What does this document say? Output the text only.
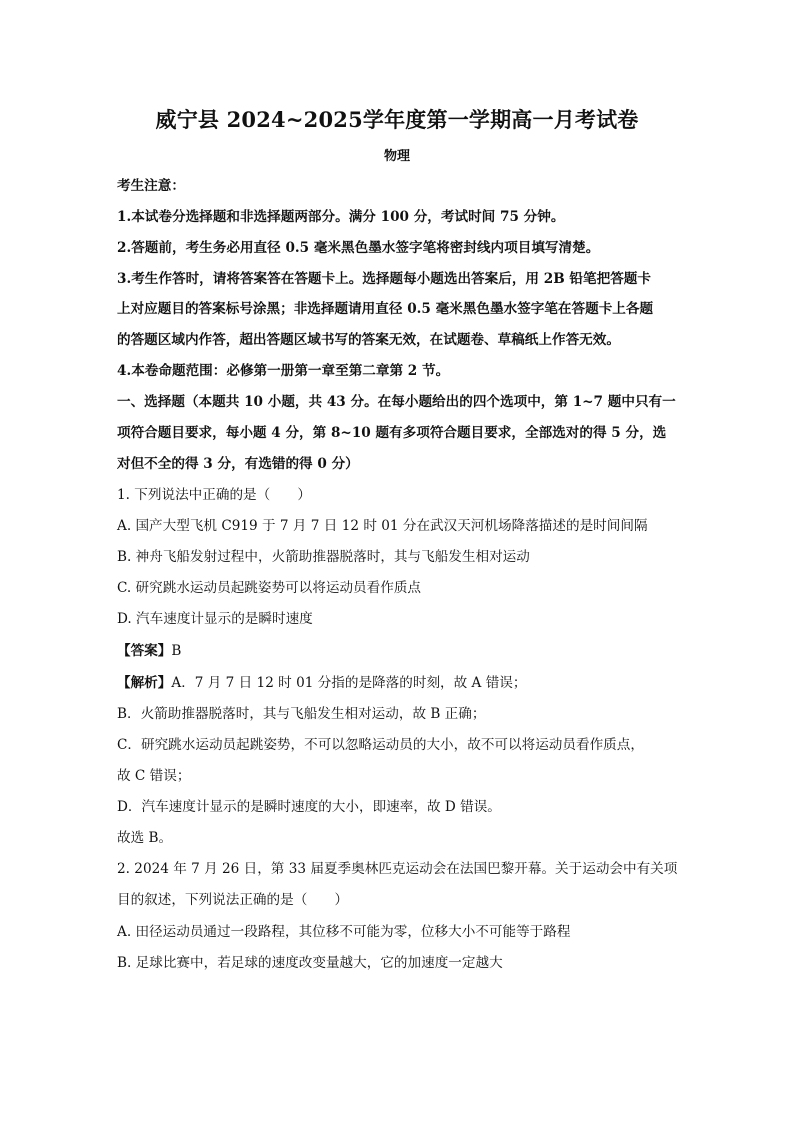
威宁县 2024~2025学年度第一学期高一月考试卷
物理
考生注意：
1.本试卷分选择题和非选择题两部分。满分 100 分，考试时间 75 分钟。
2.答题前，考生务必用直径 0.5 毫米黑色墨水签字笔将密封线内项目填写清楚。
3.考生作答时，请将答案答在答题卡上。选择题每小题选出答案后，用 2B 铅笔把答题卡
上对应题目的答案标号涂黑；非选择题请用直径 0.5 毫米黑色墨水签字笔在答题卡上各题
的答题区域内作答，超出答题区域书写的答案无效，在试题卷、草稿纸上作答无效。
4.本卷命题范围：必修第一册第一章至第二章第 2 节。
一、选择题（本题共 10 小题，共 43 分。在每小题给出的四个选项中，第 1~7 题中只有一
项符合题目要求，每小题 4 分，第 8~10 题有多项符合题目要求，全部选对的得 5 分，选
对但不全的得 3 分，有选错的得 0 分）
1. 下列说法中正确的是（　　）
A. 国产大型飞机 C919 于 7 月 7 日 12 时 01 分在武汉天河机场降落描述的是时间间隔
B. 神舟飞船发射过程中，火箭助推器脱落时，其与飞船发生相对运动
C. 研究跳水运动员起跳姿势可以将运动员看作质点
D. 汽车速度计显示的是瞬时速度
【答案】B
【解析】A．7 月 7 日 12 时 01 分指的是降落的时刻，故 A 错误；
B．火箭助推器脱落时，其与飞船发生相对运动，故 B 正确；
C．研究跳水运动员起跳姿势，不可以忽略运动员的大小，故不可以将运动员看作质点，
故 C 错误；
D．汽车速度计显示的是瞬时速度的大小，即速率，故 D 错误。
故选 B。
2. 2024 年 7 月 26 日，第 33 届夏季奥林匹克运动会在法国巴黎开幕。关于运动会中有关项
目的叙述，下列说法正确的是（　　）
A. 田径运动员通过一段路程，其位移不可能为零，位移大小不可能等于路程
B. 足球比赛中，若足球的速度改变量越大，它的加速度一定越大
